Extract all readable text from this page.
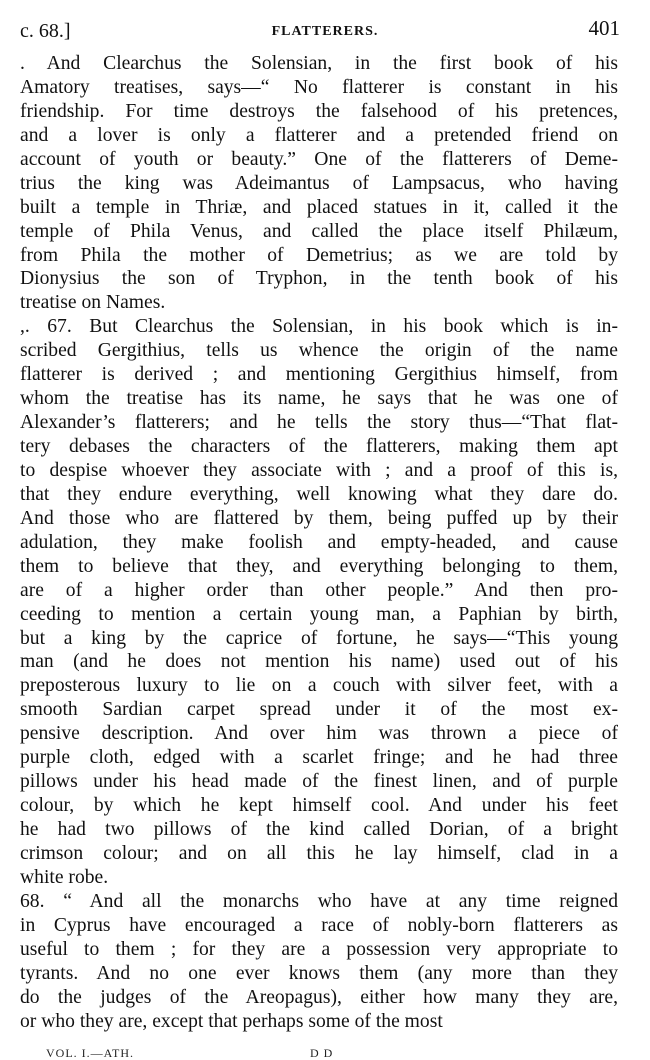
c. 68.]	FLATTERERS.	401
. And Clearchus the Solensian, in the first book of his
Amatory treatises, says—“ No flatterer is constant in his
friendship. For time destroys the falsehood of his pretences,
and a lover is only a flatterer and a pretended friend on
account of youth or beauty.” One of the flatterers of Deme-
trius the king was Adeimantus of Lampsacus, who having
built a temple in Thriæ, and placed statues in it, called it the
temple of Phila Venus, and called the place itself Philæum,
from Phila the mother of Demetrius; as we are told by
Dionysius the son of Tryphon, in the tenth book of his
treatise on Names.
,. 67. But Clearchus the Solensian, in his book which is in-
scribed Gergithius, tells us whence the origin of the name
flatterer is derived ; and mentioning Gergithius himself, from
whom the treatise has its name, he says that he was one of
Alexander’s flatterers; and he tells the story thus—“That flat-
tery debases the characters of the flatterers, making them apt
to despise whoever they associate with ; and a proof of this is,
that they endure everything, well knowing what they dare do.
And those who are flattered by them, being puffed up by their
adulation, they make foolish and empty-headed, and cause
them to believe that they, and everything belonging to them,
are of a higher order than other people.” And then pro-
ceeding to mention a certain young man, a Paphian by birth,
but a king by the caprice of fortune, he says—“This young
man (and he does not mention his name) used out of his
preposterous luxury to lie on a couch with silver feet, with a
smooth Sardian carpet spread under it of the most ex-
pensive description. And over him was thrown a piece of
purple cloth, edged with a scarlet fringe; and he had three
pillows under his head made of the finest linen, and of purple
colour, by which he kept himself cool. And under his feet
he had two pillows of the kind called Dorian, of a bright
crimson colour; and on all this he lay himself, clad in a
white robe.
68. “ And all the monarchs who have at any time reigned
in Cyprus have encouraged a race of nobly-born flatterers as
useful to them ; for they are a possession very appropriate to
tyrants. And no one ever knows them (any more than they
do the judges of the Areopagus), either how many they are,
or who they are, except that perhaps some of the most
VOL. I.—ATH.	D D
